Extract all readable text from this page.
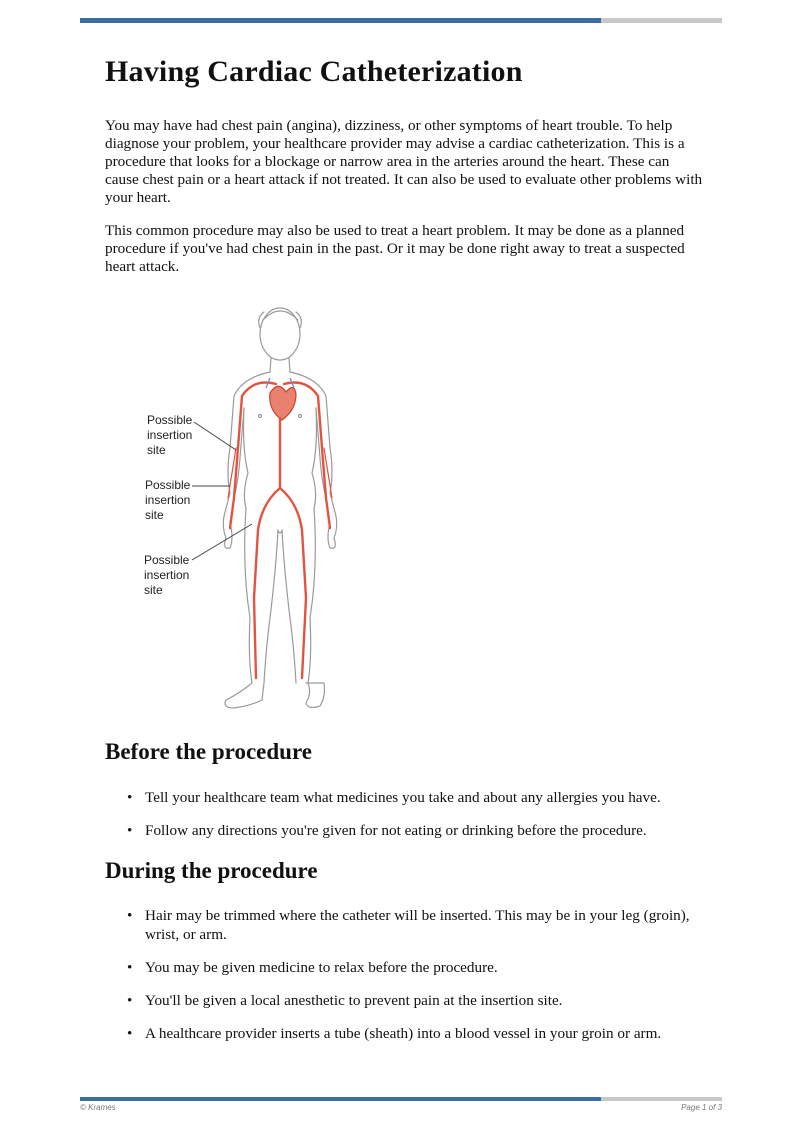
Having Cardiac Catheterization

You may have had chest pain (angina), dizziness, or other symptoms of heart trouble. To help diagnose your problem, your healthcare provider may advise a cardiac catheterization. This is a procedure that looks for a blockage or narrow area in the arteries around the heart. These can cause chest pain or a heart attack if not treated. It can also be used to evaluate other problems with your heart.

This common procedure may also be used to treat a heart problem. It may be done as a planned procedure if you've had chest pain in the past. Or it may be done right away to treat a suspected heart attack.

Possible insertion site
Possible insertion site
Possible insertion site
Before the procedure
• Tell your healthcare team what medicines you take and about any allergies you have.
• Follow any directions you're given for not eating or drinking before the procedure.
During the procedure
• Hair may be trimmed where the catheter will be inserted. This may be in your leg (groin), wrist, or arm.
• You may be given medicine to relax before the procedure.
• You'll be given a local anesthetic to prevent pain at the insertion site.
• A healthcare provider inserts a tube (sheath) into a blood vessel in your groin or arm.
© Krames	Page 1 of 3
